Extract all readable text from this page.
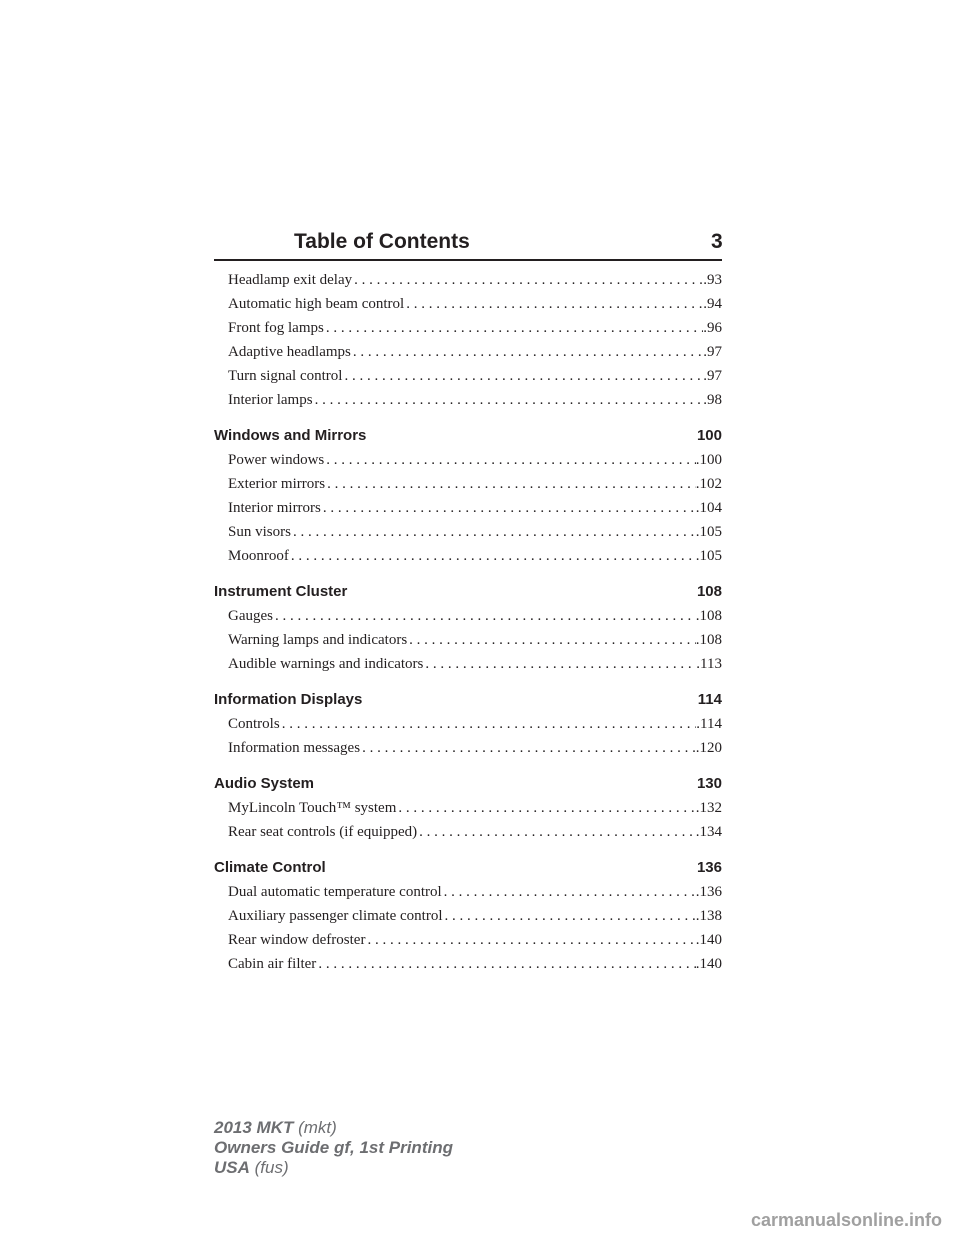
Table of Contents	3
Headlamp exit delay . . .	.93
Automatic high beam control . . .	.94
Front fog lamps . . .	.96
Adaptive headlamps . . .	.97
Turn signal control . . .	.97
Interior lamps . . .	.98
Windows and Mirrors	100
Power windows . . .	.100
Exterior mirrors . . .	.102
Interior mirrors . . .	.104
Sun visors . . .	.105
Moonroof . . .	.105
Instrument Cluster	108
Gauges . . .	.108
Warning lamps and indicators . . .	.108
Audible warnings and indicators . . .	.113
Information Displays	114
Controls . . .	.114
Information messages . . .	.120
Audio System	130
MyLincoln Touch™ system . . .	.132
Rear seat controls (if equipped) . . .	.134
Climate Control	136
Dual automatic temperature control . . .	.136
Auxiliary passenger climate control . . .	.138
Rear window defroster . . .	.140
Cabin air filter . . .	.140
2013 MKT (mkt)
Owners Guide gf, 1st Printing
USA (fus)
carmanualsonline.info
